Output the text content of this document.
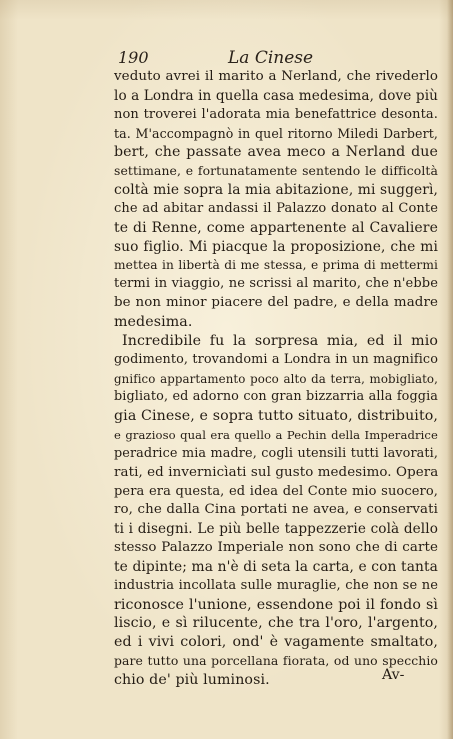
190	La Cinese
veduto avrei il marito a Nerland, che rivederlo
lo a Londra in quella casa medesima, dove più
non troverei l'adorata mia benefattrice desonta.
ta. M'accompagnò in quel ritorno Miledi Darbert,
bert, che passate avea meco a Nerland due
settimane, e fortunatamente sentendo le difficoltà
coltà mie sopra la mia abitazione, mi suggerì,
che ad abitar andassi il Palazzo donato al Conte
te di Renne, come appartenente al Cavaliere
suo figlio. Mi piacque la proposizione, che mi
mettea in libertà di me stessa, e prima di mettermi
termi in viaggio, ne scrissi al marito, che n'ebbe
be non minor piacere del padre, e della madre
medesima.
Incredibile fu la sorpresa mia, ed il mio
godimento, trovandomi a Londra in un magnifico
gnifico appartamento poco alto da terra, mobigliato,
bigliato, ed adorno con gran bizzarria alla foggia
gia Cinese, e sopra tutto situato, distribuito,
e grazioso qual era quello a Pechin della Imperadrice
peradrice mia madre, cogli utensili tutti lavorati,
rati, ed invernicìati sul gusto medesimo. Opera
pera era questa, ed idea del Conte mio suocero,
ro, che dalla Cina portati ne avea, e conservati
ti i disegni. Le più belle tappezzerie colà dello
stesso Palazzo Imperiale non sono che di carte
te dipinte; ma n'è di seta la carta, e con tanta
industria incollata sulle muraglie, che non se ne
riconosce l'unione, essendone poi il fondo sì
liscio, e sì rilucente, che tra l'oro, l'argento,
ed i vivi colori, ond' è vagamente smaltato,
pare tutto una porcellana fiorata, od uno specchio
chio de' più luminosi.	Av-
